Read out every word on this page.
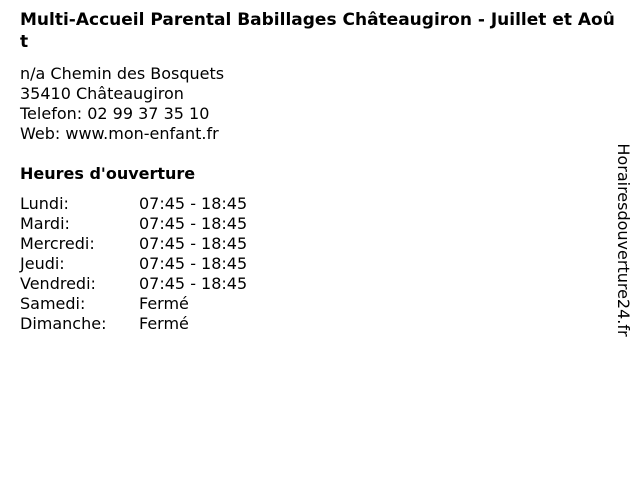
Multi-Accueil Parental Babillages Châteaugiron - Juillet et Août
n/a Chemin des Bosquets
35410 Châteaugiron
Telefon: 02 99 37 35 10
Web: www.mon-enfant.fr
Heures d'ouverture
Lundi:	07:45 - 18:45
Mardi:	07:45 - 18:45
Mercredi:	07:45 - 18:45
Jeudi:	07:45 - 18:45
Vendredi:	07:45 - 18:45
Samedi:	Fermé
Dimanche:	Fermé	Horairesdouverture24.fr
